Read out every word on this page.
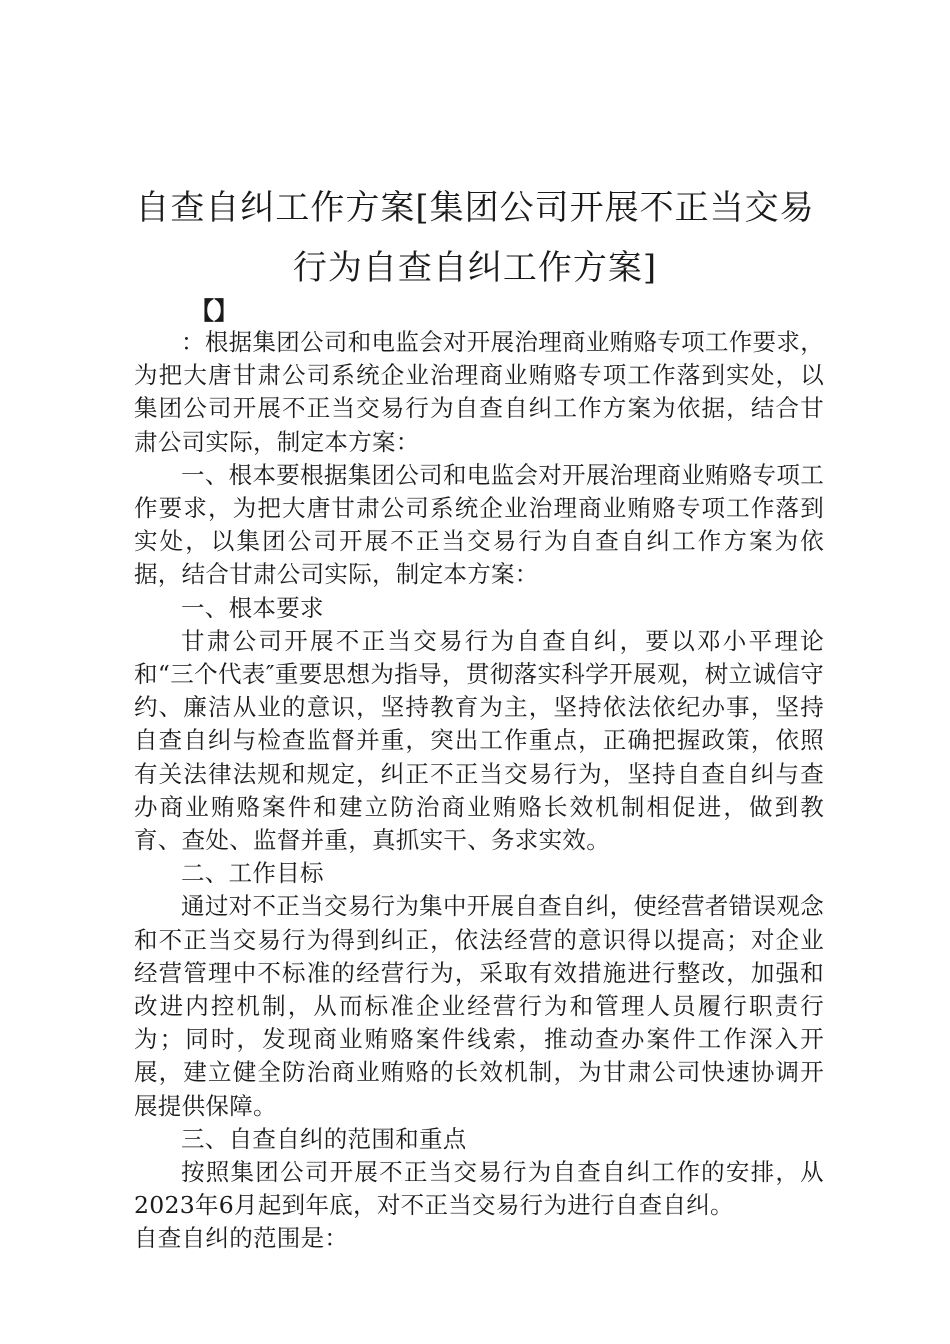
自查自纠工作方案[集团公司开展不正当交易
行为自查自纠工作方案]
【】

：根据集团公司和电监会对开展治理商业贿赂专项工作要求，为把大唐甘肃公司系统企业治理商业贿赂专项工作落到实处，以集团公司开展不正当交易行为自查自纠工作方案为依据，结合甘肃公司实际，制定本方案：

一、根本要根据集团公司和电监会对开展治理商业贿赂专项工作要求，为把大唐甘肃公司系统企业治理商业贿赂专项工作落到实处，以集团公司开展不正当交易行为自查自纠工作方案为依据，结合甘肃公司实际，制定本方案：

一、根本要求

甘肃公司开展不正当交易行为自查自纠，要以邓小平理论和“三个代表″重要思想为指导，贯彻落实科学开展观，树立诚信守约、廉洁从业的意识，坚持教育为主，坚持依法依纪办事，坚持自查自纠与检查监督并重，突出工作重点，正确把握政策，依照有关法律法规和规定，纠正不正当交易行为，坚持自查自纠与查办商业贿赂案件和建立防治商业贿赂长效机制相促进，做到教育、查处、监督并重，真抓实干、务求实效。

二、工作目标

通过对不正当交易行为集中开展自查自纠，使经营者错误观念和不正当交易行为得到纠正，依法经营的意识得以提高；对企业经营管理中不标准的经营行为，采取有效措施进行整改，加强和改进内控机制，从而标准企业经营行为和管理人员履行职责行为；同时，发现商业贿赂案件线索，推动查办案件工作深入开展，建立健全防治商业贿赂的长效机制，为甘肃公司快速协调开展提供保障。

三、自查自纠的范围和重点

按照集团公司开展不正当交易行为自查自纠工作的安排，从2023年6月起到年底，对不正当交易行为进行自查自纠。

自查自纠的范围是：
